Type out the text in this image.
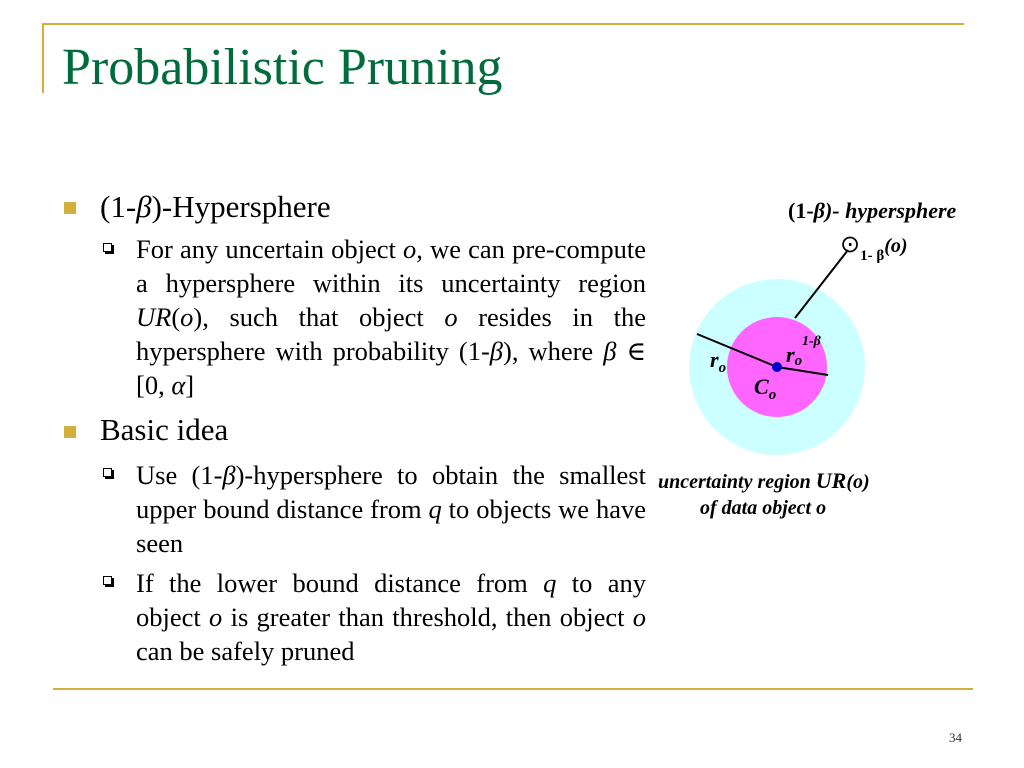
Probabilistic Pruning
(1-β)-Hypersphere
For any uncertain object o, we can pre-compute a hypersphere within its uncertainty region UR(o), such that object o resides in the hypersphere with probability (1-β), where β ∈ [0, α]
Basic idea
Use (1-β)-hypersphere to obtain the smallest upper bound distance from q to objects we have seen
If the lower bound distance from q to any object o is greater than threshold, then object o can be safely pruned
(1-β)- hypersphere
$⊙_{1- \beta}(o)$
$r_o$
ro
1-β
$C_o$
uncertainty region UR(o)
of data object o
34
